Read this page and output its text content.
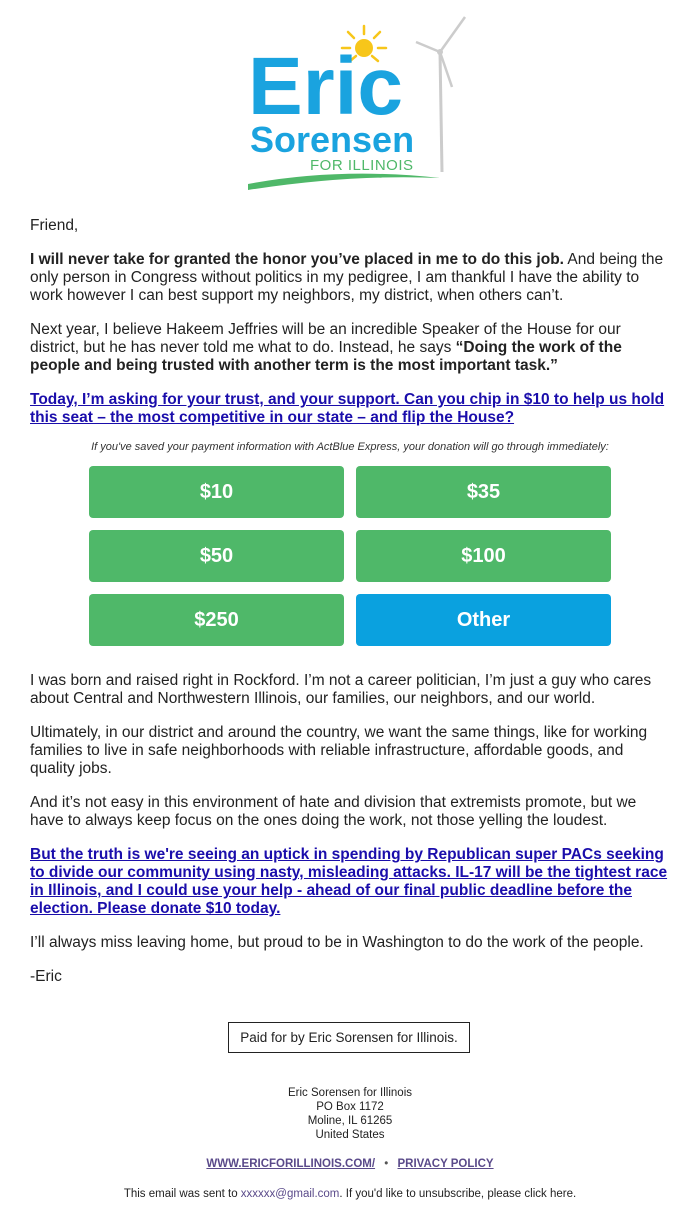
Eric
Sorensen
FOR ILLINOIS
Friend,

I will never take for granted the honor you’ve placed in me to do this job. And being the only person in Congress without politics in my pedigree, I am thankful I have the ability to work however I can best support my neighbors, my district, when others can’t.

Next year, I believe Hakeem Jeffries will be an incredible Speaker of the House for our district, but he has never told me what to do. Instead, he says “Doing the work of the people and being trusted with another term is the most important task.”

Today, I’m asking for your trust, and your support. Can you chip in $10 to help us hold this seat – the most competitive in our state – and flip the House?
If you've saved your payment information with ActBlue Express, your donation will go through immediately:
$10	$35
$50	$100
$250	Other
I was born and raised right in Rockford. I’m not a career politician, I’m just a guy who cares about Central and Northwestern Illinois, our families, our neighbors, and our world.
Ultimately, in our district and around the country, we want the same things, like for working families to live in safe neighborhoods with reliable infrastructure, affordable goods, and quality jobs.
And it’s not easy in this environment of hate and division that extremists promote, but we have to always keep focus on the ones doing the work, not those yelling the loudest.
But the truth is we're seeing an uptick in spending by Republican super PACs seeking to divide our community using nasty, misleading attacks. IL-17 will be the tightest race in Illinois, and I could use your help - ahead of our final public deadline before the election. Please donate $10 today.
I’ll always miss leaving home, but proud to be in Washington to do the work of the people.
-Eric
Paid for by Eric Sorensen for Illinois.
Eric Sorensen for Illinois
PO Box 1172
Moline, IL 61265
United States
WWW.ERICFORILLINOIS.COM/ • PRIVACY POLICY
This email was sent to xxxxxx@gmail.com. If you'd like to unsubscribe, please click here.
